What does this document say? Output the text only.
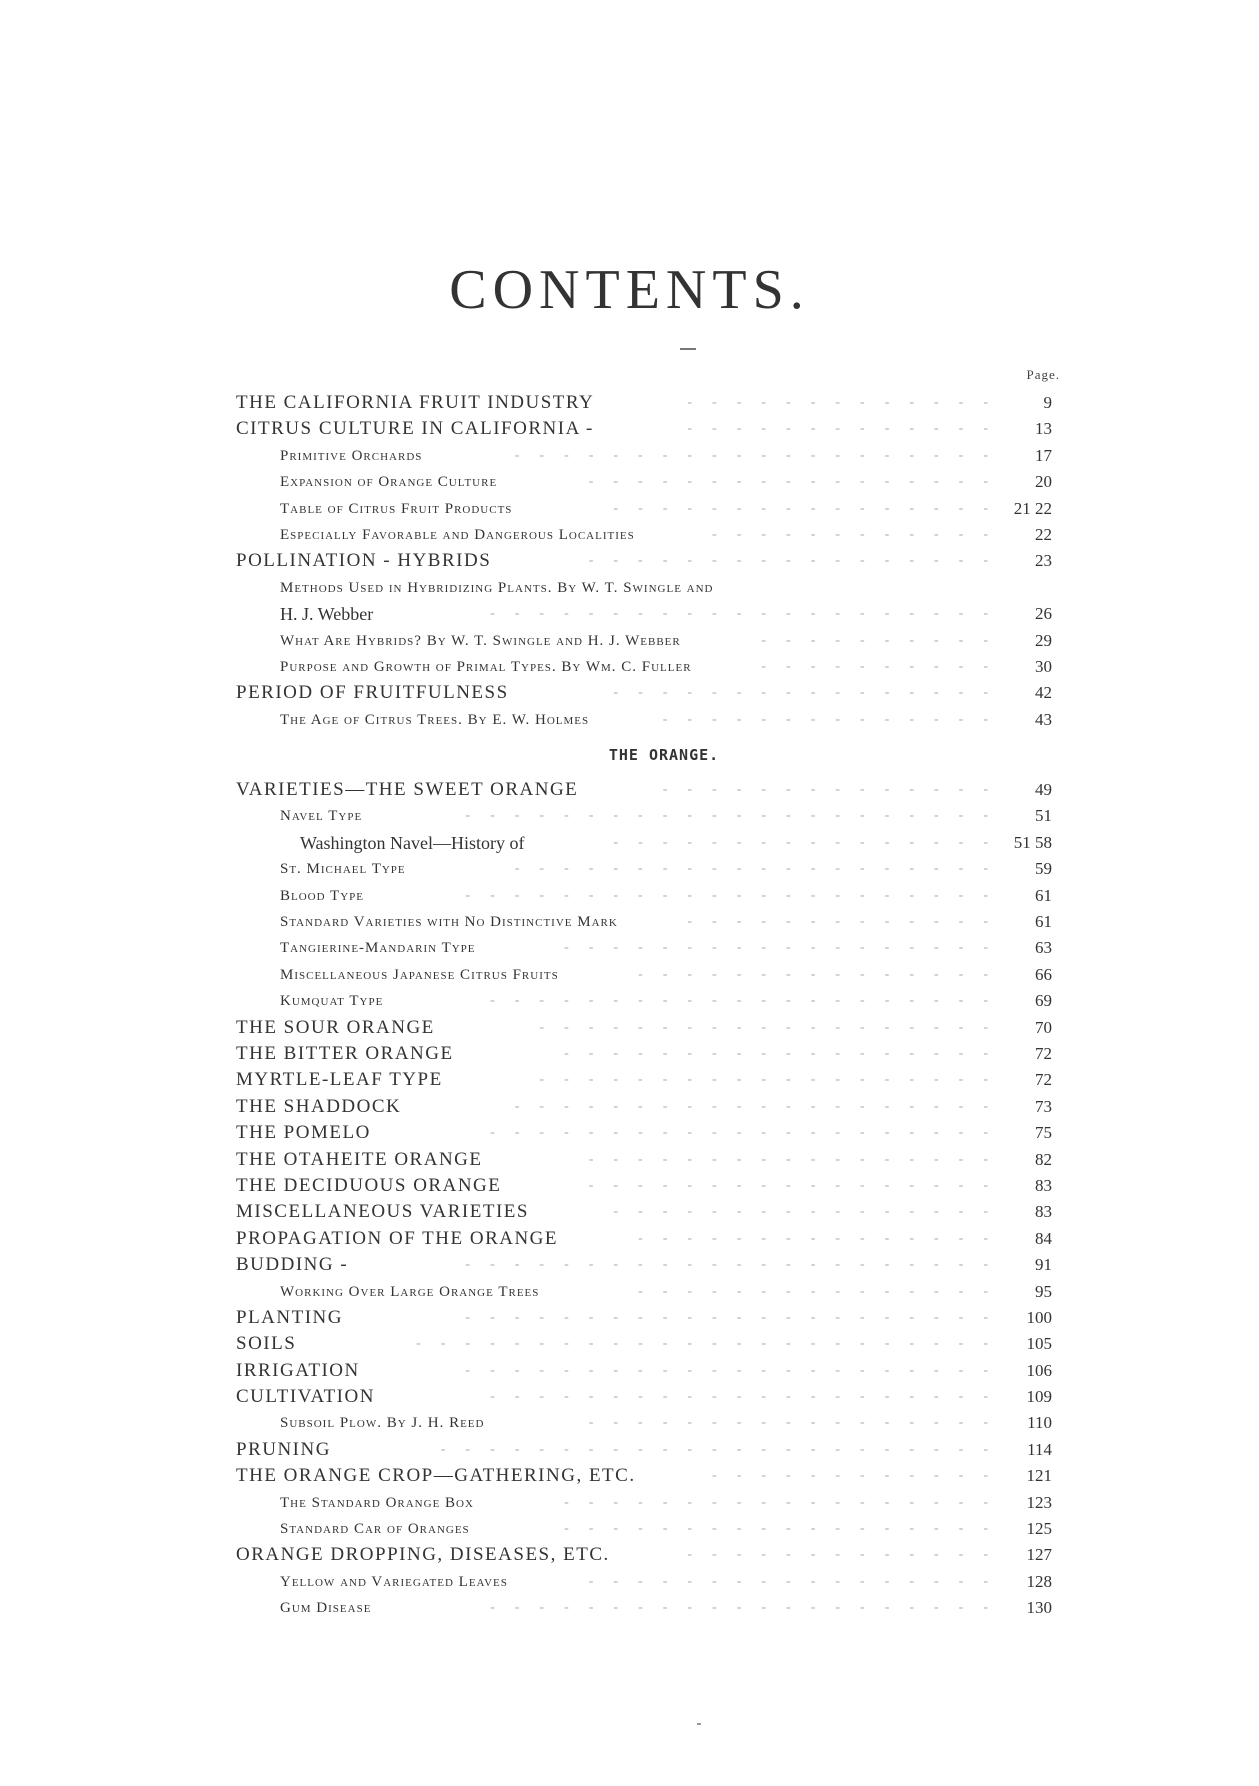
CONTENTS.
Page.
THE CALIFORNIA FRUIT INDUSTRY	------------- 9
CITRUS CULTURE IN CALIFORNIA -	------------- 13
Primitive Orchards	-------------------- 17
Expansion of Orange Culture	----------------- 20
Table of Citrus Fruit Products	---------------- 21 22
Especially Favorable and Dangerous Localities	------------ 22
POLLINATION - HYBRIDS	----------------- 23
Methods Used in Hybridizing Plants. By W. T. Swingle and
H. J. Webber	--------------------- 26
What Are Hybrids? By W. T. Swingle and H. J. Webber	---------- 29
Purpose and Growth of Primal Types. By Wm. C. Fuller	---------- 30
PERIOD OF FRUITFULNESS	---------------- 42
The Age of Citrus Trees. By E. W. Holmes	-------------- 43
THE ORANGE.
VARIETIES—THE SWEET ORANGE	-------------- 49
Navel Type	---------------------- 51
Washington Navel—History of	---------------- 51 58
St. Michael Type	-------------------- 59
Blood Type	---------------------- 61
Standard Varieties with No Distinctive Mark	------------- 61
Tangierine-Mandarin Type	------------------ 63
Miscellaneous Japanese Citrus Fruits	--------------- 66
Kumquat Type	--------------------- 69
THE SOUR ORANGE	------------------- 70
THE BITTER ORANGE	------------------ 72
MYRTLE-LEAF TYPE	------------------- 72
THE SHADDOCK	-------------------- 73
THE POMELO	--------------------- 75
THE OTAHEITE ORANGE	----------------- 82
THE DECIDUOUS ORANGE	----------------- 83
MISCELLANEOUS VARIETIES	---------------- 83
PROPAGATION OF THE ORANGE	--------------- 84
BUDDING -	---------------------- 91
Working Over Large Orange Trees	--------------- 95
PLANTING	---------------------- 100
SOILS	------------------------ 105
IRRIGATION	---------------------- 106
CULTIVATION	--------------------- 109
Subsoil Plow. By J. H. Reed	----------------- 110
PRUNING	----------------------- 114
THE ORANGE CROP—GATHERING, ETC.	------------ 121
The Standard Orange Box	------------------ 123
Standard Car of Oranges	------------------ 125
ORANGE DROPPING, DISEASES, ETC.	------------- 127
Yellow and Variegated Leaves	----------------- 128
Gum Disease	--------------------- 130
